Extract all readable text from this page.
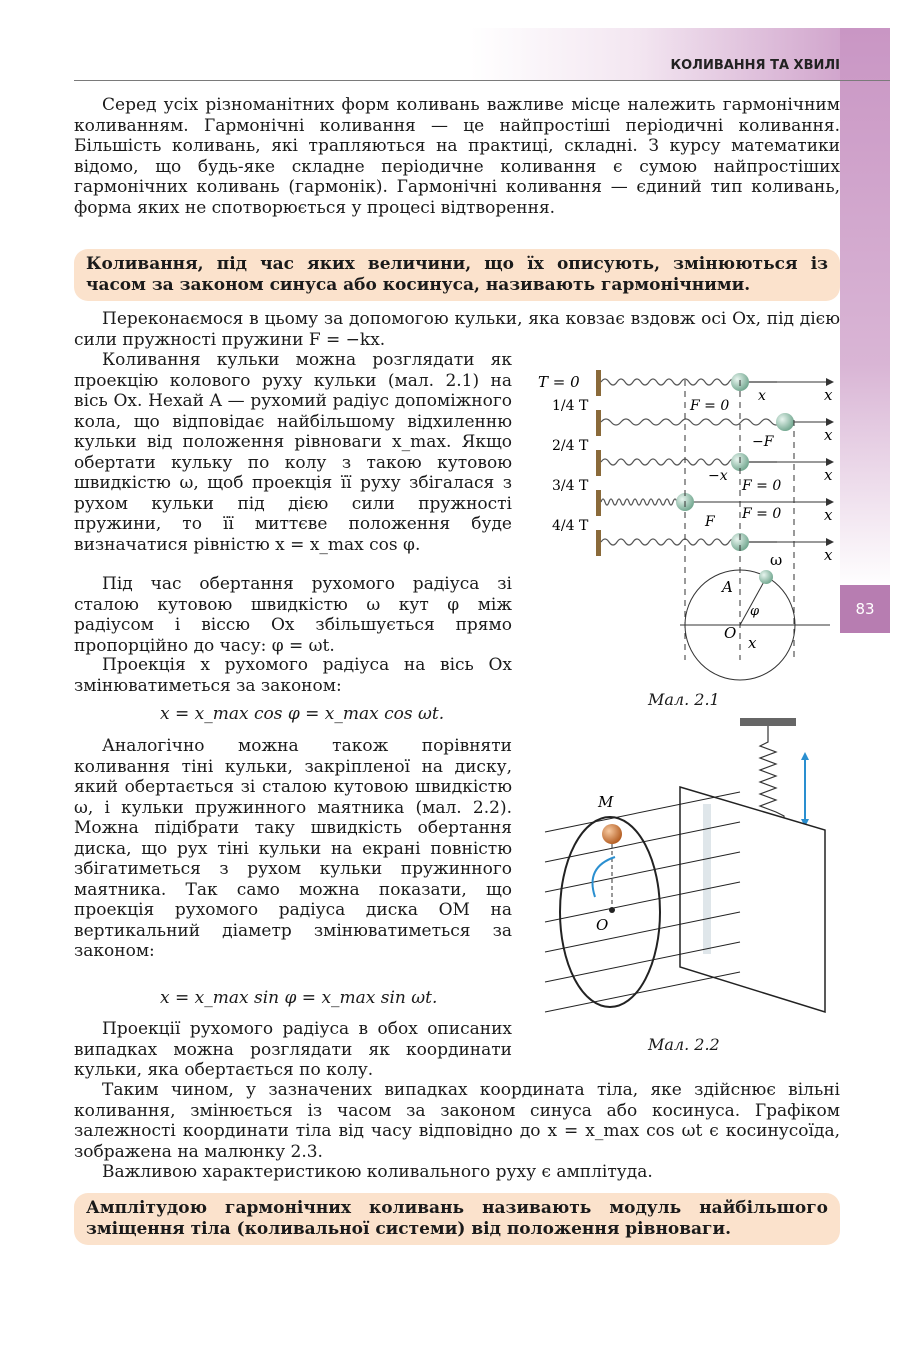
КОЛИВАННЯ ТА ХВИЛІ
83

Серед усіх різноманітних форм коливань важливе місце належить гармонічним коливанням. Гармонічні коливання — це найпростіші періодичні коливання. Більшість коливань, які трапляються на практиці, складні. З курсу математики відомо, що будь-яке складне періодичне коливання є сумою найпростіших гармонічних коливань (гармонік). Гармонічні коливання — єдиний тип коливань, форма яких не спотворюється у процесі відтворення.

Коливання, під час яких величини, що їх описують, змінюються із часом за законом синуса або косинуса, називають гармонічними.

Переконаємося в цьому за допомогою кульки, яка ковзає вздовж осі Ох, під дією сили пружності пружини F = −kx.

Коливання кульки можна розглядати як проекцію колового руху кульки (мал. 2.1) на вісь Ох. Нехай A — рухомий радіус допоміжного кола, що відповідає найбільшому відхиленню кульки від положення рівноваги x_max. Якщо обертати кульку по колу з такою кутовою швидкістю ω, щоб проекція її руху збігалася з рухом кульки під дією сили пружності пружини, то її миттєве положення буде визначатися рівністю x = x_max cos φ.

Під час обертання рухомого радіуса зі сталою кутовою швидкістю ω кут φ між радіусом і віссю Ох збільшується прямо пропорційно до часу: φ = ωt.

Проекція x рухомого радіуса на вісь Ox змінюватиметься за законом:

x = x_max cos φ = x_max cos ωt.

Аналогічно можна також порівняти коливання тіні кульки, закріпленої на диску, який обертається зі сталою кутовою швидкістю ω, і кульки пружинного маятника (мал. 2.2). Можна підібрати таку швидкість обертання диска, що рух тіні кульки на екрані повністю збігатиметься з рухом кульки пружинного маятника. Так само можна показати, що проекція рухомого радіуса диска OM на вертикальний діаметр змінюватиметься за законом:

x = x_max sin φ = x_max sin ωt.

Проекції рухомого радіуса в обох описаних випадках можна розглядати як координати кульки, яка обертається по колу.

Таким чином, у зазначених випадках координата тіла, яке здійснює вільні коливання, змінюється із часом за законом синуса або косинуса. Графіком залежності координати тіла від часу відповідно до x = x_max cos ωt є косинусоїда, зображена на малюнку 2.3.

Важливою характеристикою коливального руху є амплітуда.

Амплітудою гармонічних коливань називають модуль найбільшого зміщення тіла (коливальної системи) від положення рівноваги.
T = 0
x
1/4 T	F = 0
x
−F	x
2/4 T
x
3/4 T
−x
F
F = 0
x
4/4 T
F = 0
x
A
O
ω
φ
x
Мал. 2.1
M
O
Мал. 2.2
